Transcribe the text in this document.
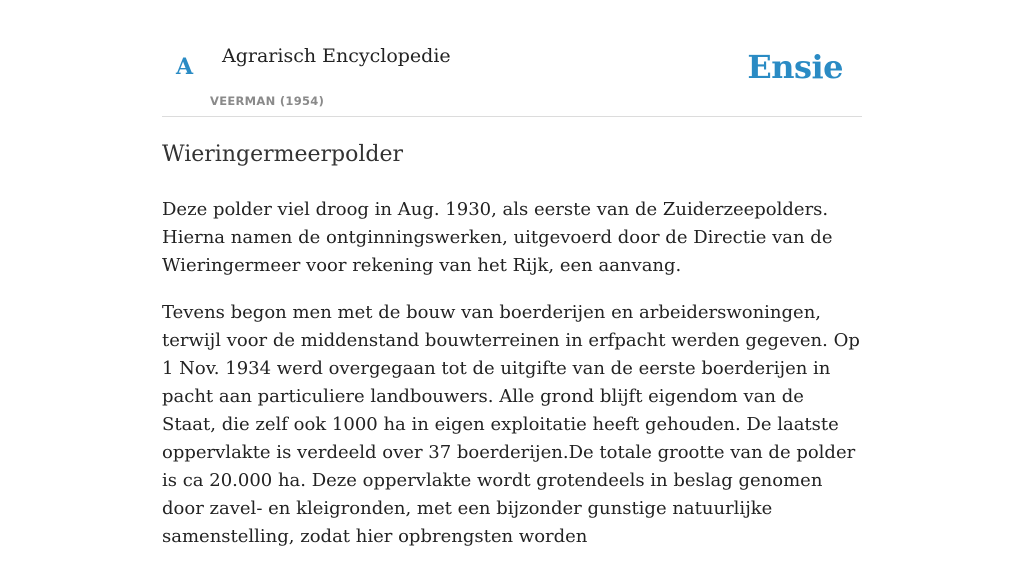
A Agrarisch Encyclopedie
VEERMAN (1954)
Ensie
Wieringermeerpolder

Deze polder viel droog in Aug. 1930, als eerste van de Zuiderzeepolders. Hierna namen de ontginningswerken, uitgevoerd door de Directie van de Wieringermeer voor rekening van het Rijk, een aanvang.

Tevens begon men met de bouw van boerderijen en arbeiderswoningen, terwijl voor de middenstand bouwterreinen in erfpacht werden gegeven. Op 1 Nov. 1934 werd overgegaan tot de uitgifte van de eerste boerderijen in pacht aan particuliere landbouwers. Alle grond blijft eigendom van de Staat, die zelf ook 1000 ha in eigen exploitatie heeft gehouden. De laatste oppervlakte is verdeeld over 37 boerderijen.De totale grootte van de polder is ca 20.000 ha. Deze oppervlakte wordt grotendeels in beslag genomen door zavel- en kleigronden, met een bijzonder gunstige natuurlijke samenstelling, zodat hier opbrengsten worden
